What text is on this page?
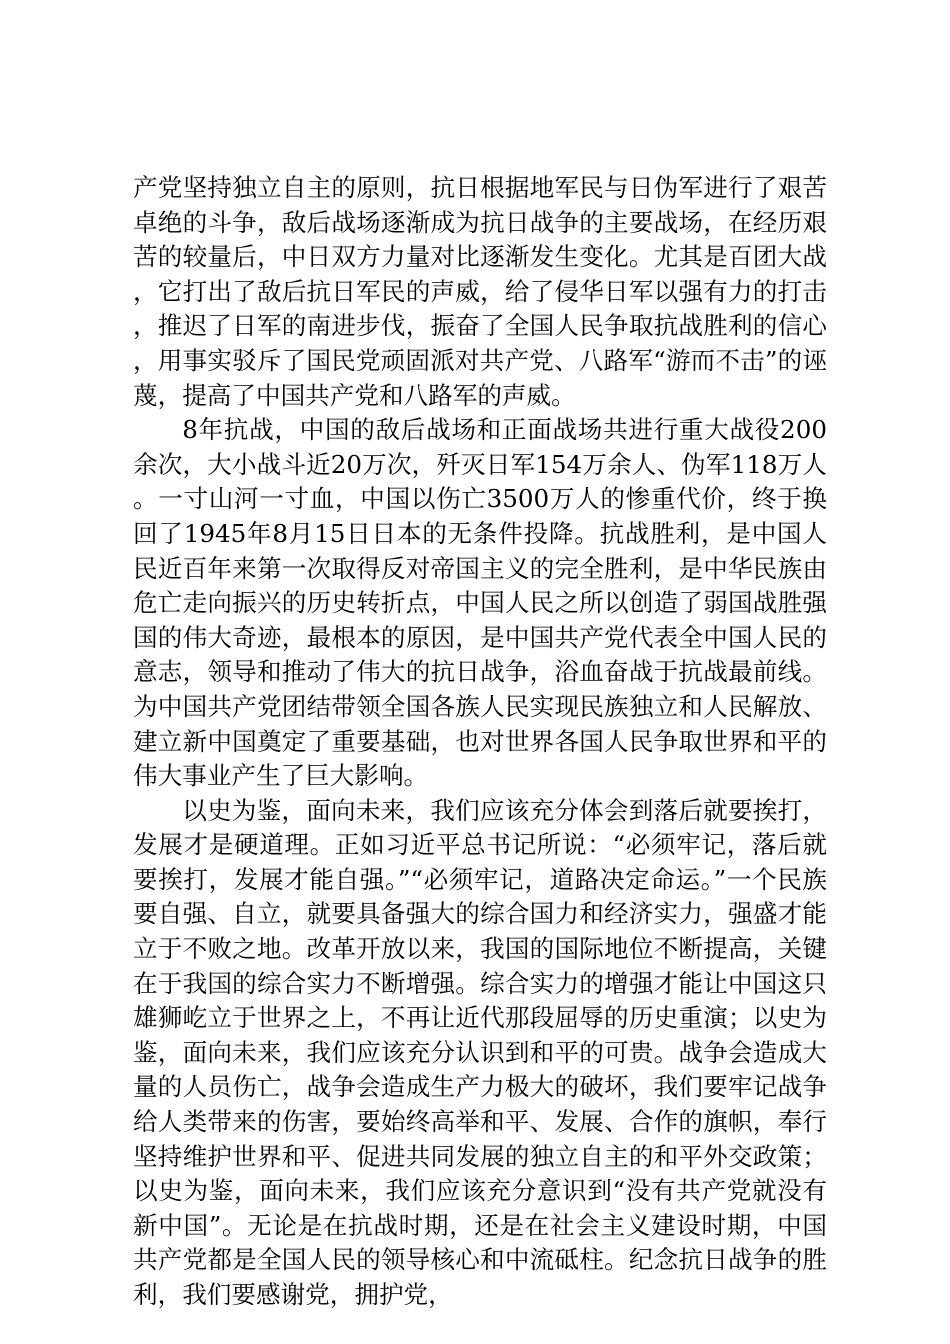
产党坚持独立自主的原则，抗日根据地军民与日伪军进行了艰苦卓绝的斗争，敌后战场逐渐成为抗日战争的主要战场，在经历艰苦的较量后，中日双方力量对比逐渐发生变化。尤其是百团大战，它打出了敌后抗日军民的声威，给了侵华日军以强有力的打击，推迟了日军的南进步伐，振奋了全国人民争取抗战胜利的信心，用事实驳斥了国民党顽固派对共产党、八路军“游而不击”的诬蔑，提高了中国共产党和八路军的声威。

8年抗战，中国的敌后战场和正面战场共进行重大战役200余次，大小战斗近20万次，歼灭日军154万余人、伪军118万人。一寸山河一寸血，中国以伤亡3500万人的惨重代价，终于换回了1945年8月15日日本的无条件投降。抗战胜利，是中国人民近百年来第一次取得反对帝国主义的完全胜利，是中华民族由危亡走向振兴的历史转折点，中国人民之所以创造了弱国战胜强国的伟大奇迹，最根本的原因，是中国共产党代表全中国人民的意志，领导和推动了伟大的抗日战争，浴血奋战于抗战最前线。为中国共产党团结带领全国各族人民实现民族独立和人民解放、建立新中国奠定了重要基础，也对世界各国人民争取世界和平的伟大事业产生了巨大影响。

以史为鉴，面向未来，我们应该充分体会到落后就要挨打，发展才是硬道理。正如习近平总书记所说：“必须牢记，落后就要挨打，发展才能自强。”“必须牢记，道路决定命运。”一个民族要自强、自立，就要具备强大的综合国力和经济实力，强盛才能立于不败之地。改革开放以来，我国的国际地位不断提高，关键在于我国的综合实力不断增强。综合实力的增强才能让中国这只雄狮屹立于世界之上，不再让近代那段屈辱的历史重演；以史为鉴，面向未来，我们应该充分认识到和平的可贵。战争会造成大量的人员伤亡，战争会造成生产力极大的破坏，我们要牢记战争给人类带来的伤害，要始终高举和平、发展、合作的旗帜，奉行坚持维护世界和平、促进共同发展的独立自主的和平外交政策；以史为鉴，面向未来，我们应该充分意识到“没有共产党就没有新中国”。无论是在抗战时期，还是在社会主义建设时期，中国共产党都是全国人民的领导核心和中流砥柱。纪念抗日战争的胜利，我们要感谢党，拥护党，
